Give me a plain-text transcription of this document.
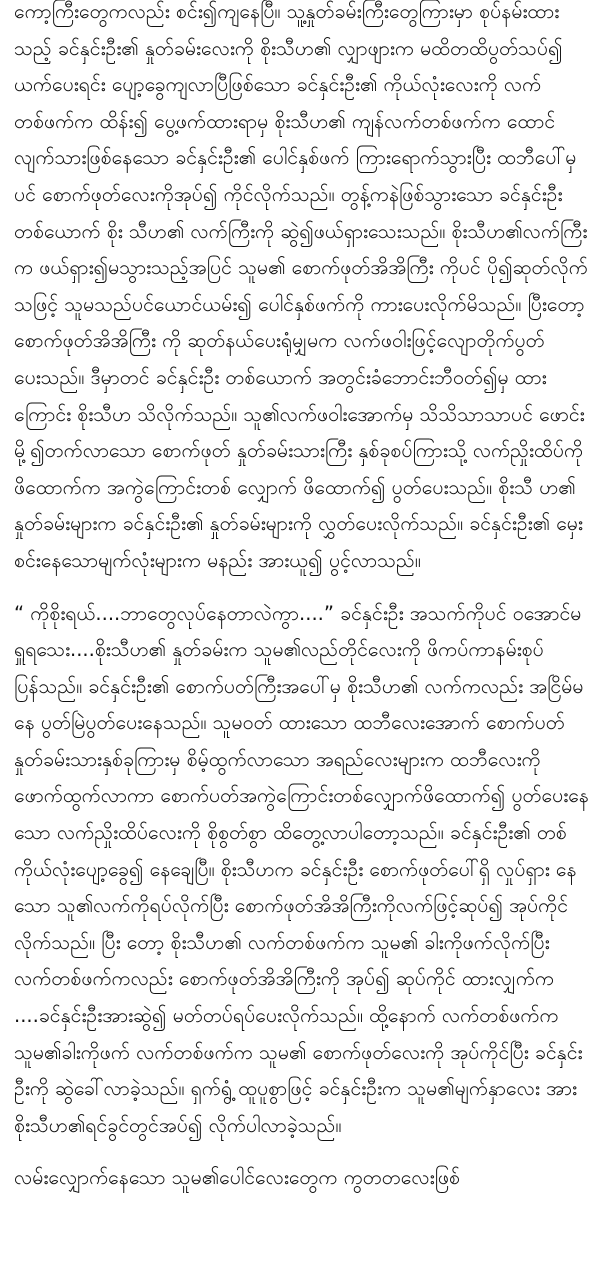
ကော့ကြီးတွေကလည်း စင်း၍ကျနေပြီ။ သူ့နှုတ်ခမ်းကြီးတွေကြားမှာ စုပ်နမ်းထားသည့် ခင်နှင်းဦး၏ နှုတ်ခမ်းလေးကို စိုးသီဟ၏ လျှာဖျားက မထိတထိပွတ်သပ်၍ ယက်ပေးရင်း ပျော့ခွေကျလာပြီဖြစ်သော ခင်နှင်းဦး၏ ကိုယ်လုံးလေးကို လက် တစ်ဖက်က ထိန်း၍ ပွေ့ဖက်ထားရာမှ စိုးသီဟ၏ ကျန်လက်တစ်ဖက်က ထောင်လျက်သားဖြစ်နေသော ခင်နှင်းဦး၏ ပေါင်နှစ်ဖက် ကြားရောက်သွားပြီး ထဘီပေါ်မှပင် စောက်ဖုတ်လေးကိုအုပ်၍ ကိုင်လိုက်သည်။ တွန့်ကနဲဖြစ်သွားသော ခင်နှင်းဦးတစ်ယောက် စိုး သီဟ၏ လက်ကြီးကို ဆွဲ၍ဖယ်ရှားသေးသည်။ စိုးသီဟ၏လက်ကြီးက ဖယ်ရှား၍မသွားသည့်အပြင် သူမ၏ စောက်ဖုတ်အိအိကြီး ကိုပင် ပို၍ဆုတ်လိုက်သဖြင့် သူမသည်ပင်ယောင်ယမ်း၍ ပေါင်နှစ်ဖက်ကို ကားပေးလိုက်မိသည်။ ပြီးတော့ စောက်ဖုတ်အိအိကြီး ကို ဆုတ်နယ်ပေးရုံမျှမက လက်ဖဝါးဖြင့်လျောတိုက်ပွတ်ပေးသည်။ ဒီမှာတင် ခင်နှင်းဦး တစ်ယောက် အတွင်းခံဘောင်းဘီဝတ်၍မှ ထားကြောင်း စိုးသီဟ သိလိုက်သည်။ သူ၏လက်ဖဝါးအောက်မှ သိသိသာသာပင် ဖောင်းမို့၍တက်လာသော စောက်ဖုတ် နှုတ်ခမ်းသားကြီး နှစ်ခုစပ်ကြားသို့ လက်ညှိုးထိပ်ကိုဖိထောက်က အကွဲကြောင်းတစ် လျှောက် ဖိထောက်၍ ပွတ်ပေးသည်။ စိုးသီ ဟ၏ နှုတ်ခမ်းများက ခင်နှင်းဦး၏ နှုတ်ခမ်းများကို လွှတ်ပေးလိုက်သည်။ ခင်နှင်းဦး၏ မှေးစင်းနေသောမျက်လုံးများက မနည်း အားယူ၍ ပွင့်လာသည်။

“ ကိုစိုးရယ်....ဘာတွေလုပ်နေတာလဲကွာ....” ခင်နှင်းဦး အသက်ကိုပင် ဝအောင်မရှူရသေး....စိုးသီဟ၏ နှုတ်ခမ်းက သူမ၏လည်တိုင်လေးကို ဖိကပ်ကာနမ်းစုပ် ပြန်သည်။ ခင်နှင်းဦး၏ စောက်ပတ်ကြီးအပေါ်မှ စိုးသီဟ၏ လက်ကလည်း အငြိမ်မနေ ပွတ်မြဲပွတ်ပေးနေသည်။ သူမဝတ် ထားသော ထဘီလေးအောက် စောက်ပတ်နှုတ်ခမ်းသားနှစ်ခုကြားမှ စိမ့်ထွက်လာသော အရည်လေးများက ထဘီလေးကို ဖောက်ထွက်လာကာ စောက်ပတ်အကွဲကြောင်းတစ်လျှောက်ဖိထောက်၍ ပွတ်ပေးနေသော လက်ညှိုးထိပ်လေးကို စိုစွတ်စွာ ထိတွေ့လာပါတော့သည်။ ခင်နှင်းဦး၏ တစ်ကိုယ်လုံးပျော့ခွေ၍ နေချေပြီ။ စိုးသီဟက ခင်နှင်းဦး စောက်ဖုတ်ပေါ်ရှိ လှုပ်ရှား နေသော သူ၏လက်ကိုရပ်လိုက်ပြီး စောက်ဖုတ်အိအိကြီးကိုလက်ဖြင့်ဆုပ်၍ အုပ်ကိုင်လိုက်သည်။ ပြီး တော့ စိုးသီဟ၏ လက်တစ်ဖက်က သူမ၏ ခါးကိုဖက်လိုက်ပြီး လက်တစ်ဖက်ကလည်း စောက်ဖုတ်အိအိကြီးကို အုပ်၍ ဆုပ်ကိုင် ထားလျှက်က ....ခင်နှင်းဦးအားဆွဲ၍ မတ်တပ်ရပ်ပေးလိုက်သည်။ ထို့နောက် လက်တစ်ဖက်က သူမ၏ခါးကိုဖက် လက်တစ်ဖက်က သူမ၏ စောက်ဖုတ်လေးကို အုပ်ကိုင်ပြီး ခင်နှင်းဦးကို ဆွဲခေါ်လာခဲ့သည်။ ရှက်ရွံ့ ထူပူစွာဖြင့် ခင်နှင်းဦးက သူမ၏မျက်နှာလေး အား စိုးသီဟ၏ရင်ခွင်တွင်အပ်၍ လိုက်ပါလာခဲ့သည်။

လမ်းလျှောက်နေသော သူမ၏ပေါင်လေးတွေက ကွတတလေးဖြစ်
